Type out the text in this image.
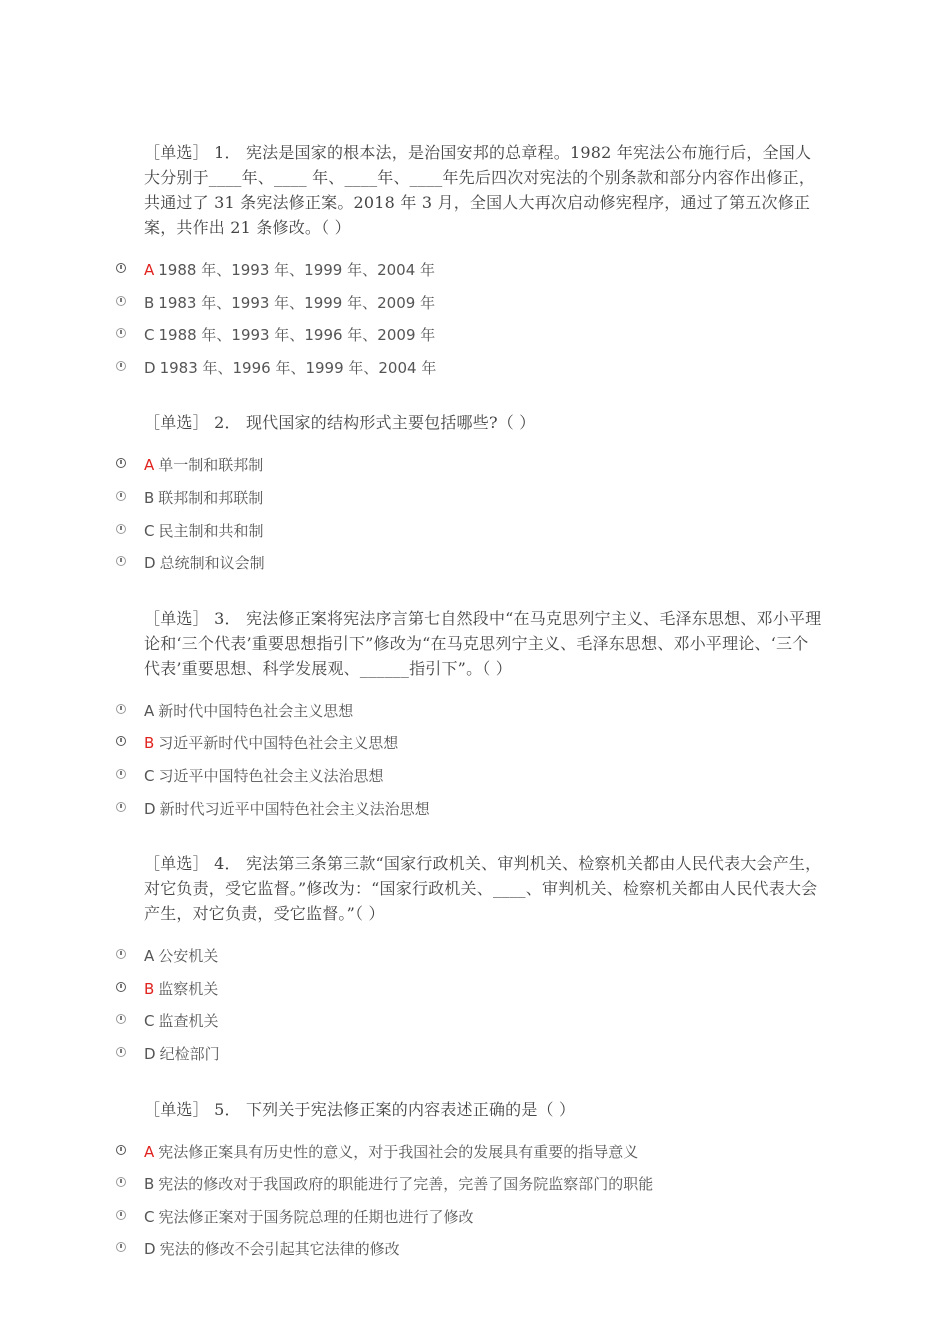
［单选］ 1． 宪法是国家的根本法，是治国安邦的总章程。1982 年宪法公布施行后，全国人大分别于____年、____ 年、____年、____年先后四次对宪法的个别条款和部分内容作出修正，共通过了 31 条宪法修正案。2018 年 3 月，全国人大再次启动修宪程序，通过了第五次修正案，共作出 21 条修改。（ ）
A 1988 年、1993 年、1999 年、2004 年
B 1983 年、1993 年、1999 年、2009 年
C 1988 年、1993 年、1996 年、2009 年
D 1983 年、1996 年、1999 年、2004 年
［单选］ 2． 现代国家的结构形式主要包括哪些?（ ）
A 单一制和联邦制
B 联邦制和邦联制
C 民主制和共和制
D 总统制和议会制
［单选］ 3． 宪法修正案将宪法序言第七自然段中“在马克思列宁主义、毛泽东思想、邓小平理论和‘三个代表’重要思想指引下”修改为“在马克思列宁主义、毛泽东思想、邓小平理论、‘三个代表’重要思想、科学发展观、______指引下”。（ ）
A 新时代中国特色社会主义思想
B 习近平新时代中国特色社会主义思想
C 习近平中国特色社会主义法治思想
D 新时代习近平中国特色社会主义法治思想
［单选］ 4． 宪法第三条第三款“国家行政机关、审判机关、检察机关都由人民代表大会产生，对它负责，受它监督。”修改为：“国家行政机关、____、审判机关、检察机关都由人民代表大会产生，对它负责，受它监督。”（ ）
A 公安机关
B 监察机关
C 监查机关
D 纪检部门
［单选］ 5． 下列关于宪法修正案的内容表述正确的是（ ）
A 宪法修正案具有历史性的意义，对于我国社会的发展具有重要的指导意义
B 宪法的修改对于我国政府的职能进行了完善，完善了国务院监察部门的职能
C 宪法修正案对于国务院总理的任期也进行了修改
D 宪法的修改不会引起其它法律的修改
